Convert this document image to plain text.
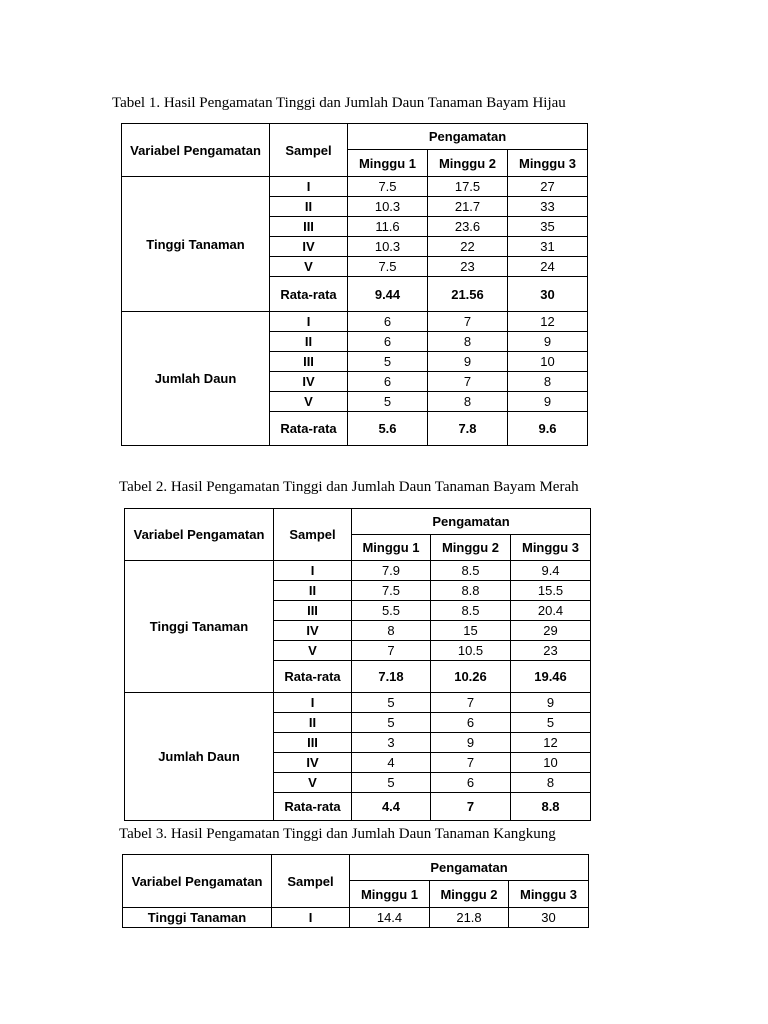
Tabel 1. Hasil Pengamatan Tinggi dan Jumlah Daun Tanaman Bayam Hijau
Variabel Pengamatan	Sampel	Pengamatan		
		Minggu 1	Minggu 2	Minggu 3
Tinggi Tanaman	I	7.5	17.5	27
	II	10.3	21.7	33
	III	11.6	23.6	35
	IV	10.3	22	31
	V	7.5	23	24
	Rata-rata	9.44	21.56	30
Jumlah Daun	I	6	7	12
	II	6	8	9
	III	5	9	10
	IV	6	7	8
	V	5	8	9
	Rata-rata	5.6	7.8	9.6
Tabel 2. Hasil Pengamatan Tinggi dan Jumlah Daun Tanaman Bayam Merah
Variabel Pengamatan	Sampel	Pengamatan		
		Minggu 1	Minggu 2	Minggu 3
Tinggi Tanaman	I	7.9	8.5	9.4
	II	7.5	8.8	15.5
	III	5.5	8.5	20.4
	IV	8	15	29
	V	7	10.5	23
	Rata-rata	7.18	10.26	19.46
Jumlah Daun	I	5	7	9
	II	5	6	5
	III	3	9	12
	IV	4	7	10
	V	5	6	8
	Rata-rata	4.4	7	8.8
Tabel 3. Hasil Pengamatan Tinggi dan Jumlah Daun Tanaman Kangkung
Variabel Pengamatan	Sampel	Pengamatan		
		Minggu 1	Minggu 2	Minggu 3
Tinggi Tanaman	I	14.4	21.8	30
